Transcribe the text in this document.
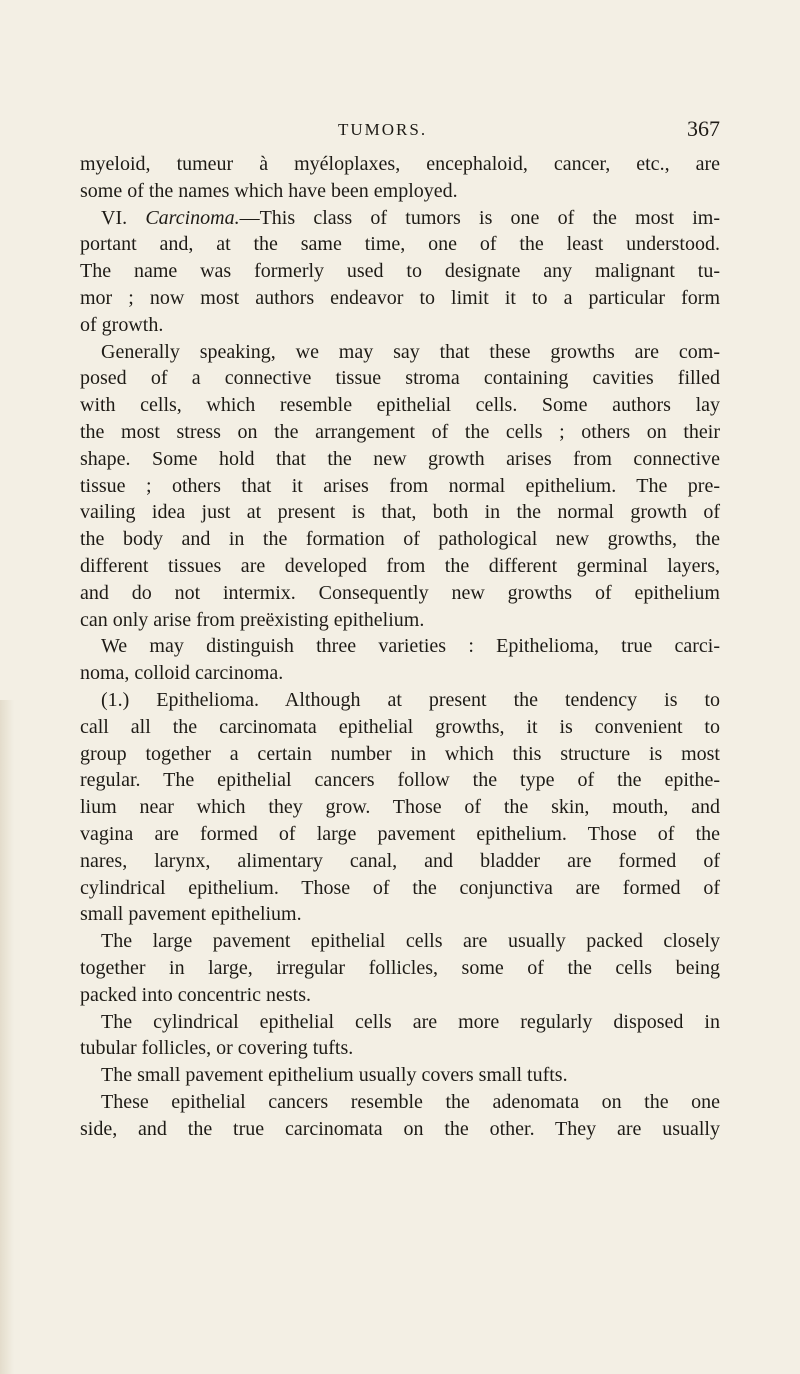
TUMORS.	367
myeloid, tumeur à myéloplaxes, encephaloid, cancer, etc., are
some of the names which have been employed.
VI. Carcinoma.—This class of tumors is one of the most im-
portant and, at the same time, one of the least understood.
The name was formerly used to designate any malignant tu-
mor ; now most authors endeavor to limit it to a particular form
of growth.
Generally speaking, we may say that these growths are com-
posed of a connective tissue stroma containing cavities filled
with cells, which resemble epithelial cells. Some authors lay
the most stress on the arrangement of the cells ; others on their
shape. Some hold that the new growth arises from connective
tissue ; others that it arises from normal epithelium. The pre-
vailing idea just at present is that, both in the normal growth of
the body and in the formation of pathological new growths, the
different tissues are developed from the different germinal layers,
and do not intermix. Consequently new growths of epithelium
can only arise from preëxisting epithelium.
We may distinguish three varieties : Epithelioma, true carci-
noma, colloid carcinoma.
(1.) Epithelioma. Although at present the tendency is to
call all the carcinomata epithelial growths, it is convenient to
group together a certain number in which this structure is most
regular. The epithelial cancers follow the type of the epithe-
lium near which they grow. Those of the skin, mouth, and
vagina are formed of large pavement epithelium. Those of the
nares, larynx, alimentary canal, and bladder are formed of
cylindrical epithelium. Those of the conjunctiva are formed of
small pavement epithelium.
The large pavement epithelial cells are usually packed closely
together in large, irregular follicles, some of the cells being
packed into concentric nests.
The cylindrical epithelial cells are more regularly disposed in
tubular follicles, or covering tufts.
The small pavement epithelium usually covers small tufts.
These epithelial cancers resemble the adenomata on the one
side, and the true carcinomata on the other. They are usually
